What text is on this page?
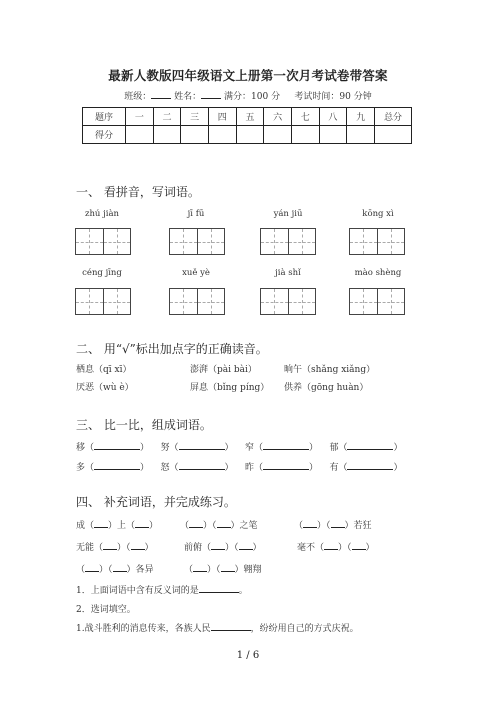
最新人教版四年级语文上册第一次月考试卷带答案
班级：	姓名：	满分：100 分 考试时间：90 分钟
题序	一	二	三	四	五	六	七	八	九	总分
得分										
一、 看拼音，写词语。
zhú jiàn	jī fū	yán jiū	kōng xì
céng jīng	xuě yè	jià shǐ	mào shèng
二、 用“√”标出加点字的正确读音。
栖息（qī xī）	澎湃（pài bài）	晌午（shǎng xiǎng）
厌恶（wù è）	屏息（bǐng píng） 供养（gōng huàn）
三、 比一比，组成词语。
移（	） 努（	） 窄（	） 郁（	）
多（	） 怒（	） 昨（	） 有（	）
四、 补充词语，并完成练习。
成（ ）上（ ） （ ）（ ）之笔	（ ）（ ）若狂
无能（ ）（ ）	前俯（ ）（ ）	毫不（ ）（ ）
（ ）（ ）各异	（ ）（ ）翱翔
1．上面词语中含有反义词的是	。
2．选词填空。
1.战斗胜利的消息传来，各族人民	，纷纷用自己的方式庆祝。
1 / 6
